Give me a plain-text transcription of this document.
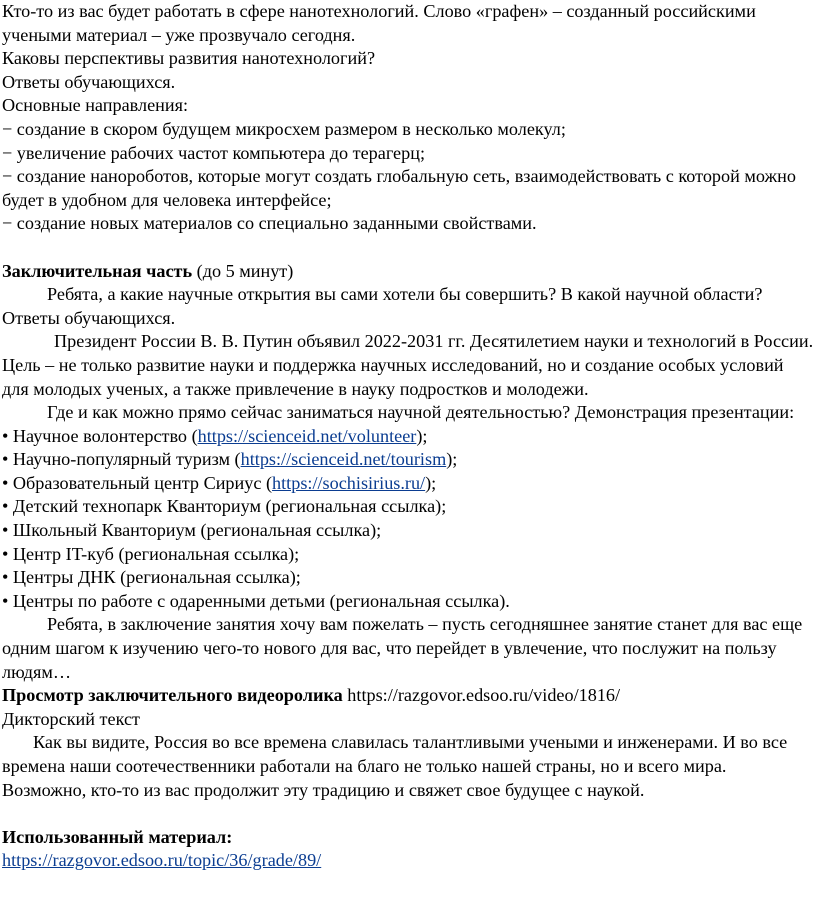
Кто-то из вас будет работать в сфере нанотехнологий. Слово «графен» – созданный российскими
учеными материал – уже прозвучало сегодня.
Каковы перспективы развития нанотехнологий?
Ответы обучающихся.
Основные направления:
− создание в скором будущем микросхем размером в несколько молекул;
− увеличение рабочих частот компьютера до терагерц;
− создание нанороботов, которые могут создать глобальную сеть, взаимодействовать с которой можно
будет в удобном для человека интерфейсе;
− создание новых материалов со специально заданными свойствами.
Заключительная часть (до 5 минут)
Ребята, а какие научные открытия вы сами хотели бы совершить? В какой научной области?
Ответы обучающихся.
Президент России В. В. Путин объявил 2022-2031 гг. Десятилетием науки и технологий в России.
Цель – не только развитие науки и поддержка научных исследований, но и создание особых условий
для молодых ученых, а также привлечение в науку подростков и молодежи.
Где и как можно прямо сейчас заниматься научной деятельностью? Демонстрация презентации:
• Научное волонтерство (https://scienceid.net/volunteer);
• Научно-популярный туризм (https://scienceid.net/tourism);
• Образовательный центр Сириус (https://sochisirius.ru/);
• Детский технопарк Кванториум (региональная ссылка);
• Школьный Кванториум (региональная ссылка);
• Центр IT-куб (региональная ссылка);
• Центры ДНК (региональная ссылка);
• Центры по работе с одаренными детьми (региональная ссылка).
Ребята, в заключение занятия хочу вам пожелать – пусть сегодняшнее занятие станет для вас еще
одним шагом к изучению чего-то нового для вас, что перейдет в увлечение, что послужит на пользу
людям…
Просмотр заключительного видеоролика https://razgovor.edsoo.ru/video/1816/
Дикторский текст
Как вы видите, Россия во все времена славилась талантливыми учеными и инженерами. И во все
времена наши соотечественники работали на благо не только нашей страны, но и всего мира.
Возможно, кто-то из вас продолжит эту традицию и свяжет свое будущее с наукой.
Использованный материал:
https://razgovor.edsoo.ru/topic/36/grade/89/
